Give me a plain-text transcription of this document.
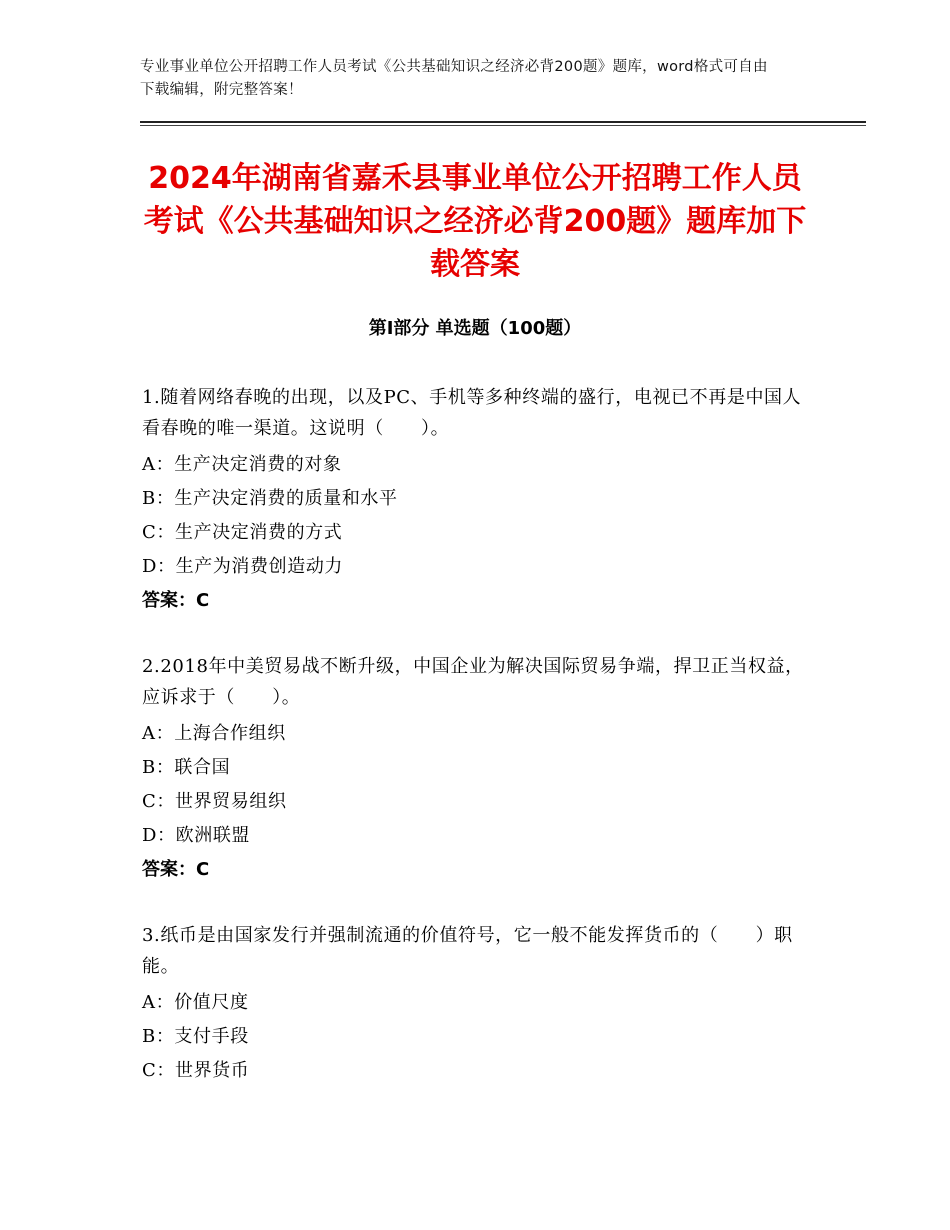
专业事业单位公开招聘工作人员考试《公共基础知识之经济必背200题》题库，word格式可自由下载编辑，附完整答案！
2024年湖南省嘉禾县事业单位公开招聘工作人员考试《公共基础知识之经济必背200题》题库加下载答案
第I部分 单选题（100题）
1.随着网络春晚的出现，以及PC、手机等多种终端的盛行，电视已不再是中国人看春晚的唯一渠道。这说明（　　）。
A：生产决定消费的对象
B：生产决定消费的质量和水平
C：生产决定消费的方式
D：生产为消费创造动力
答案：C
2.2018年中美贸易战不断升级，中国企业为解决国际贸易争端，捍卫正当权益，应诉求于（　　）。
A：上海合作组织
B：联合国
C：世界贸易组织
D：欧洲联盟
答案：C
3.纸币是由国家发行并强制流通的价值符号，它一般不能发挥货币的（　　）职能。
A：价值尺度
B：支付手段
C：世界货币
